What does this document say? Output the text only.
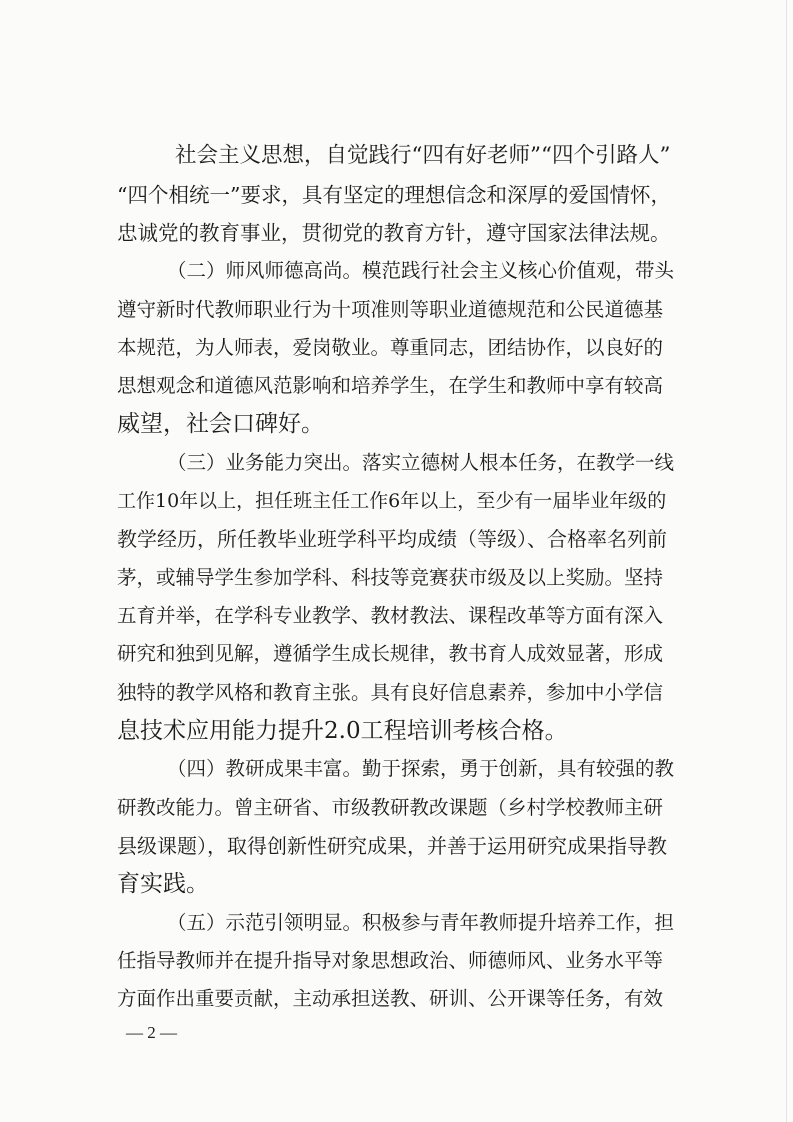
社会主义思想，自觉践行“四有好老师”“四个引路人”
“四个相统一”要求，具有坚定的理想信念和深厚的爱国情怀，
忠诚党的教育事业，贯彻党的教育方针，遵守国家法律法规。
（二）师风师德高尚。模范践行社会主义核心价值观，带头
遵守新时代教师职业行为十项准则等职业道德规范和公民道德基
本规范，为人师表，爱岗敬业。尊重同志，团结协作，以良好的
思想观念和道德风范影响和培养学生，在学生和教师中享有较高
威望，社会口碑好。
（三）业务能力突出。落实立德树人根本任务，在教学一线
工作10年以上，担任班主任工作6年以上，至少有一届毕业年级的
教学经历，所任教毕业班学科平均成绩（等级）、合格率名列前
茅，或辅导学生参加学科、科技等竞赛获市级及以上奖励。坚持
五育并举，在学科专业教学、教材教法、课程改革等方面有深入
研究和独到见解，遵循学生成长规律，教书育人成效显著，形成
独特的教学风格和教育主张。具有良好信息素养，参加中小学信
息技术应用能力提升2.0工程培训考核合格。
（四）教研成果丰富。勤于探索，勇于创新，具有较强的教
研教改能力。曾主研省、市级教研教改课题（乡村学校教师主研
县级课题），取得创新性研究成果，并善于运用研究成果指导教
育实践。
（五）示范引领明显。积极参与青年教师提升培养工作，担
任指导教师并在提升指导对象思想政治、师德师风、业务水平等
方面作出重要贡献，主动承担送教、研训、公开课等任务，有效
— 2 —
